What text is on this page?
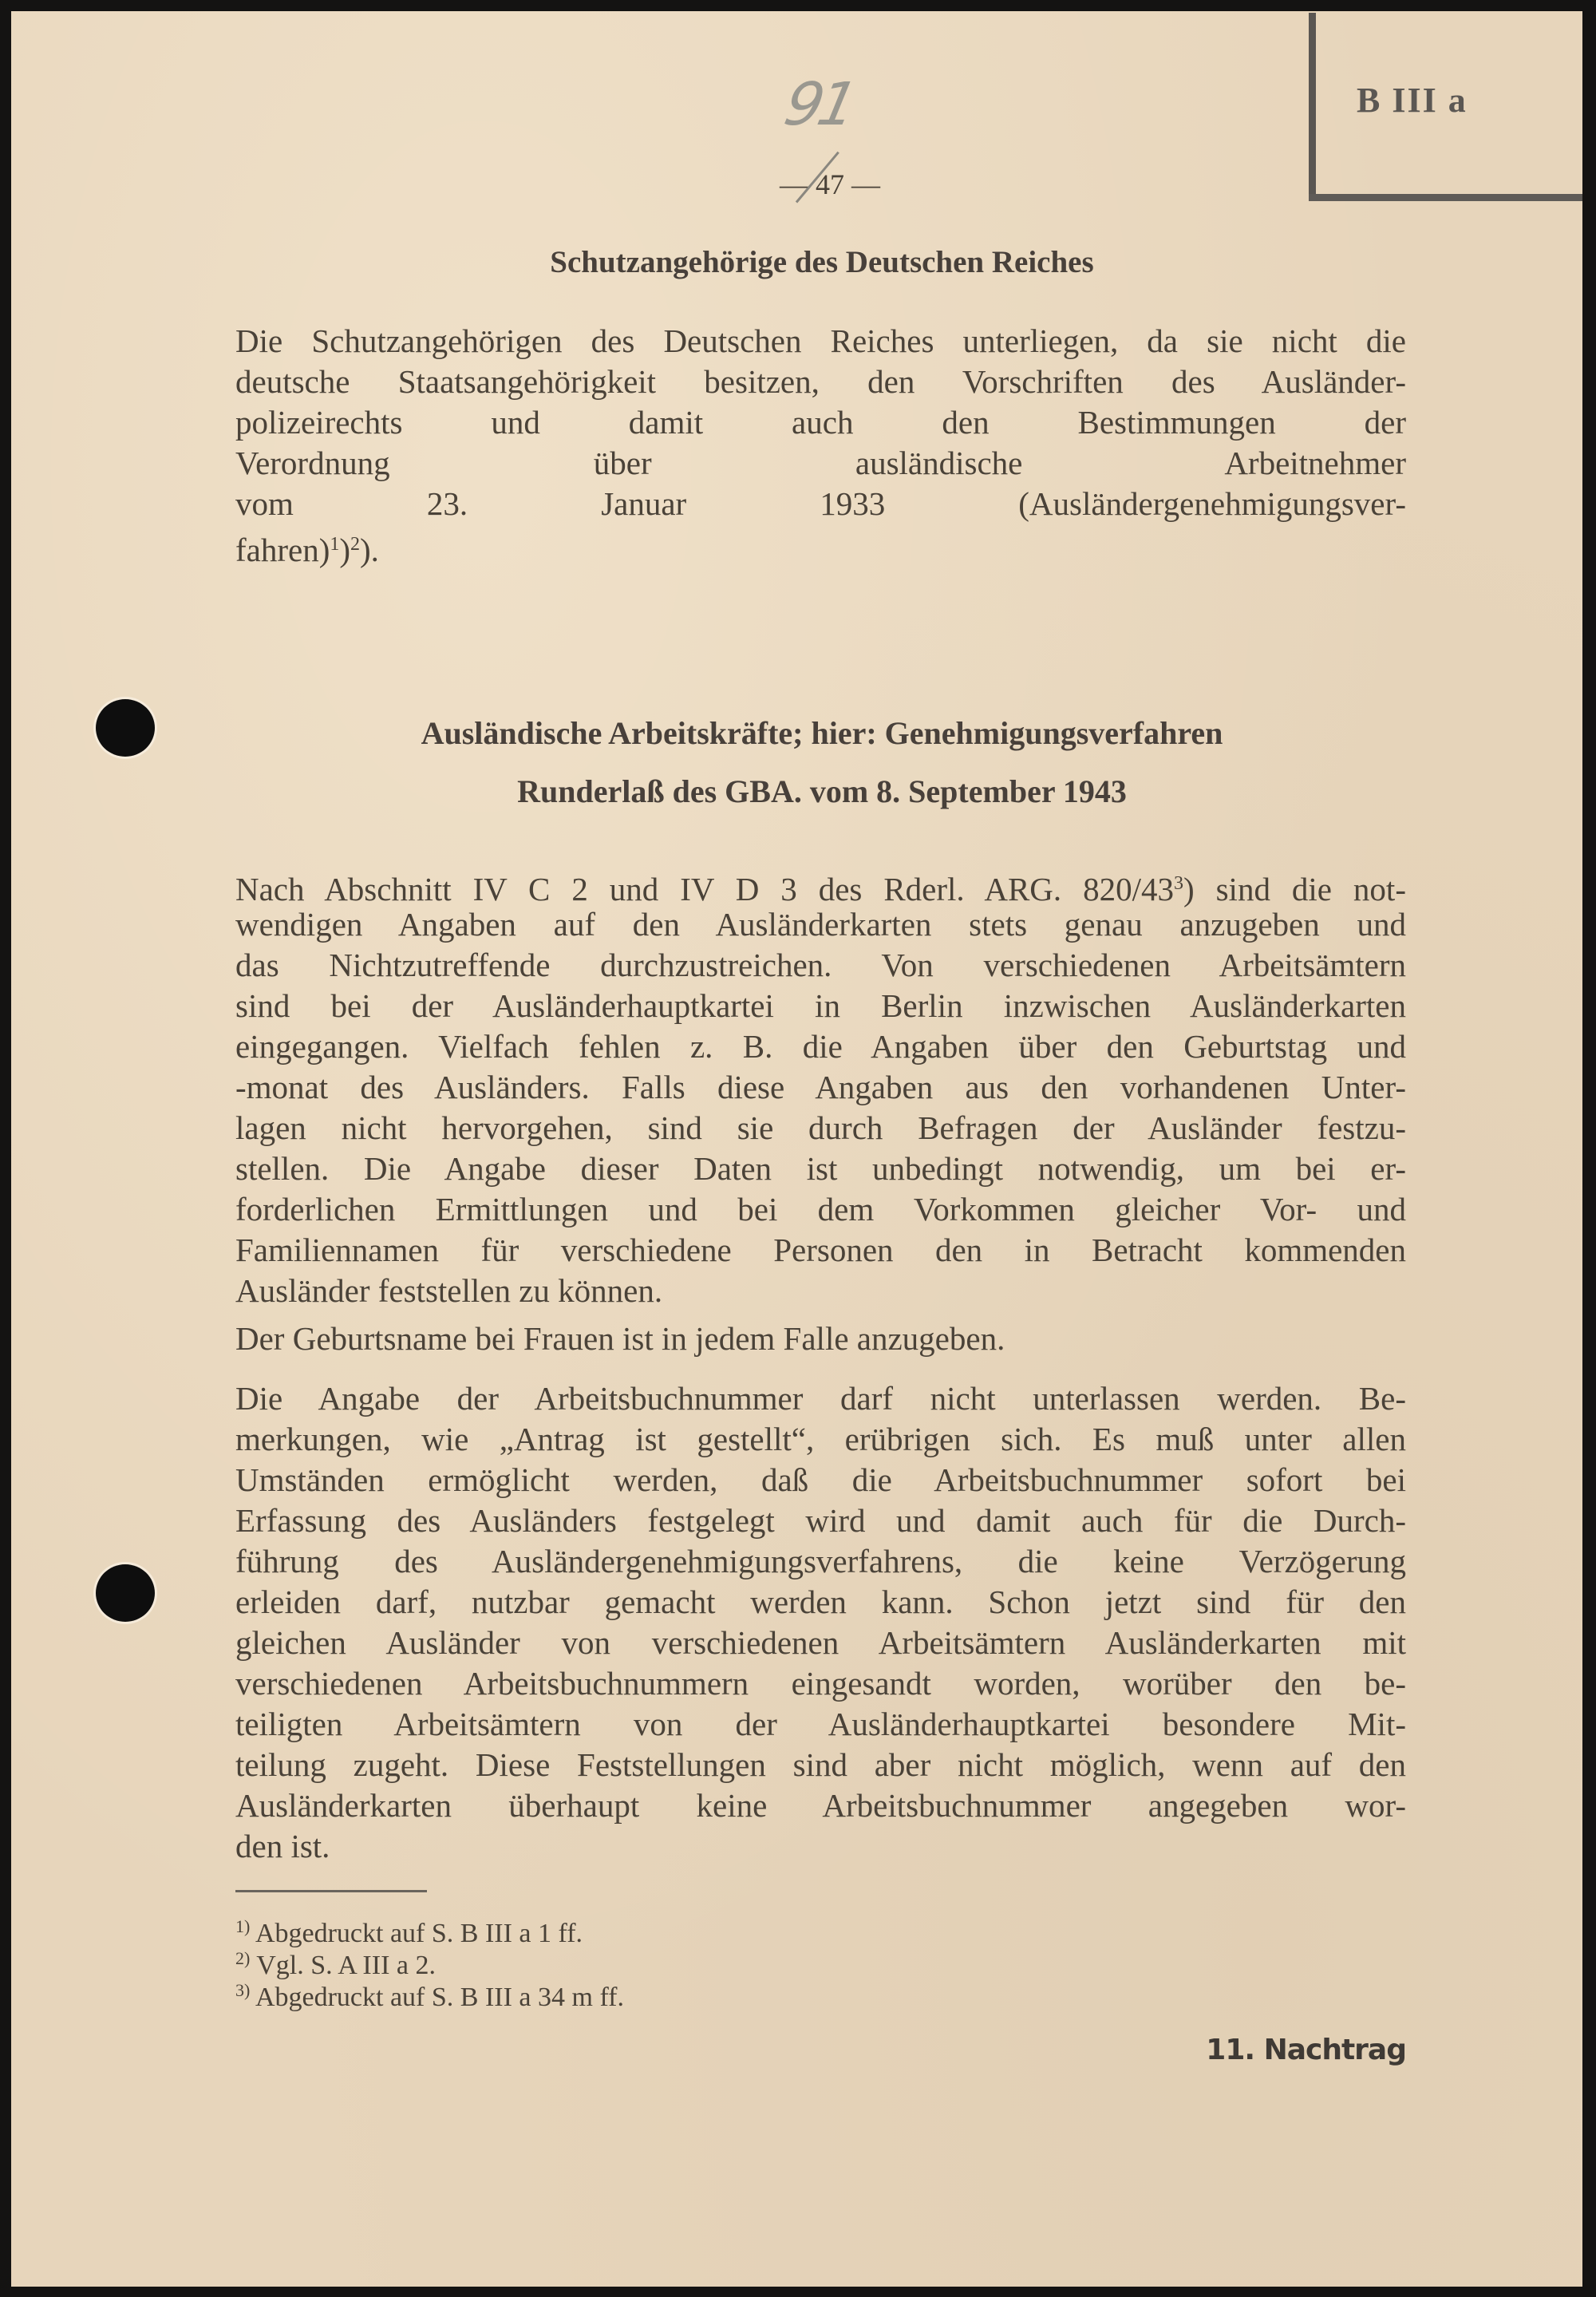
B III a
91
— 47 —
Schutzangehörige des Deutschen Reiches
Die Schutzangehörigen des Deutschen Reiches unterliegen, da sie nicht die
deutsche Staatsangehörigkeit besitzen, den Vorschriften des Ausländer-
polizeirechts und damit auch den Bestimmungen der
Verordnung über ausländische Arbeitnehmer
vom 23. Januar 1933 (Ausländergenehmigungsver-
fahren)$^1$)$^2$).
Ausländische Arbeitskräfte; hier: Genehmigungsverfahren
Runderlaß des GBA. vom 8. September 1943
Nach Abschnitt IV C 2 und IV D 3 des Rderl. ARG. $820/43^3$) sind die not-
wendigen Angaben auf den Ausländerkarten stets genau anzugeben und
das Nichtzutreffende durchzustreichen. Von verschiedenen Arbeitsämtern
sind bei der Ausländerhauptkartei in Berlin inzwischen Ausländerkarten
eingegangen. Vielfach fehlen z. B. die Angaben über den Geburtstag und
-monat des Ausländers. Falls diese Angaben aus den vorhandenen Unter-
lagen nicht hervorgehen, sind sie durch Befragen der Ausländer festzu-
stellen. Die Angabe dieser Daten ist unbedingt notwendig, um bei er-
forderlichen Ermittlungen und bei dem Vorkommen gleicher Vor- und
Familiennamen für verschiedene Personen den in Betracht kommenden
Ausländer feststellen zu können.
Der Geburtsname bei Frauen ist in jedem Falle anzugeben.
Die Angabe der Arbeitsbuchnummer darf nicht unterlassen werden. Be-
merkungen, wie „Antrag ist gestellt“, erübrigen sich. Es muß unter allen
Umständen ermöglicht werden, daß die Arbeitsbuchnummer sofort bei
Erfassung des Ausländers festgelegt wird und damit auch für die Durch-
führung des Ausländergenehmigungsverfahrens, die keine Verzögerung
erleiden darf, nutzbar gemacht werden kann. Schon jetzt sind für den
gleichen Ausländer von verschiedenen Arbeitsämtern Ausländerkarten mit
verschiedenen Arbeitsbuchnummern eingesandt worden, worüber den be-
teiligten Arbeitsämtern von der Ausländerhauptkartei besondere Mit-
teilung zugeht. Diese Feststellungen sind aber nicht möglich, wenn auf den
Ausländerkarten überhaupt keine Arbeitsbuchnummer angegeben wor-
den ist.
$^{1)}$ Abgedruckt auf S. B III a 1 ff.
$^{2)}$ Vgl. S. A III a 2.
$^{3)}$ Abgedruckt auf S. B III a 34 m ff.
11. Nachtrag
